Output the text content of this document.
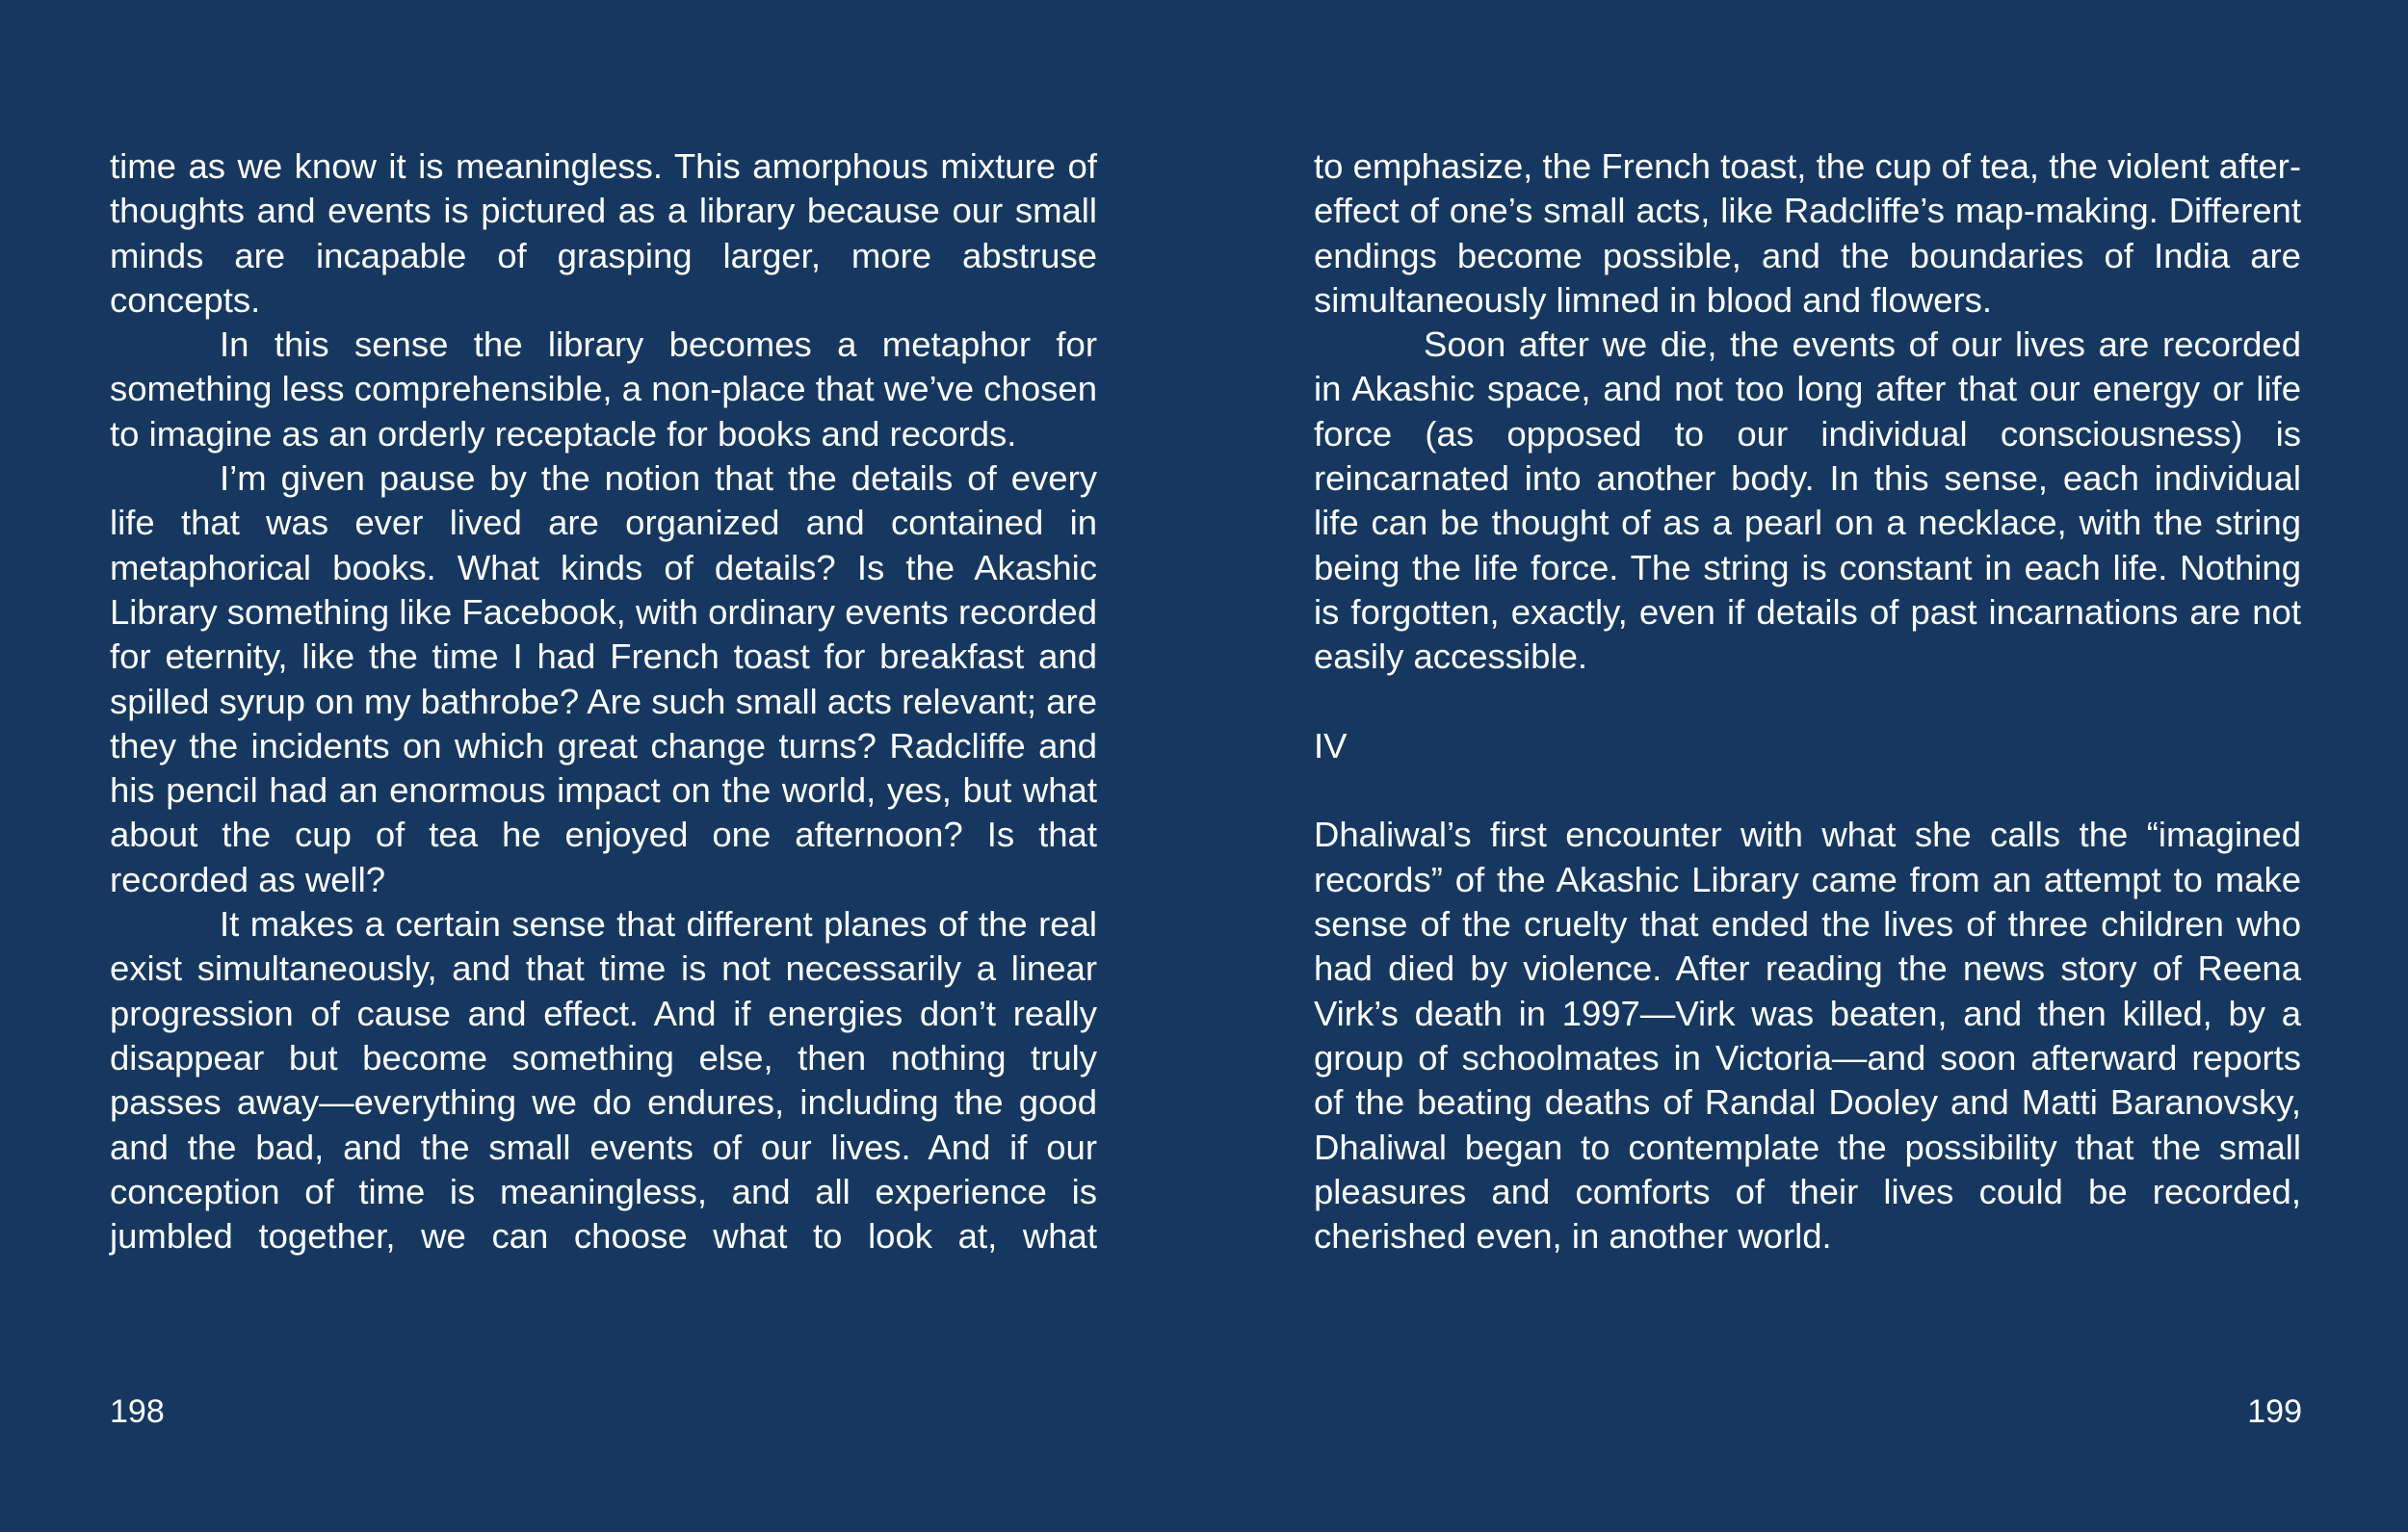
time as we know it is meaningless. This amorphous mixture of thoughts and events is pictured as a library because our small minds are incapable of grasping larger, more abstruse concepts.

In this sense the library becomes a metaphor for something less comprehensible, a non-place that we’ve chosen to imagine as an orderly receptacle for books and records.

I’m given pause by the notion that the details of every life that was ever lived are organized and contained in metaphorical books. What kinds of details? Is the Akashic Library something like Facebook, with ordinary events recorded for eternity, like the time I had French toast for breakfast and spilled syrup on my bathrobe? Are such small acts relevant; are they the incidents on which great change turns? Radcliffe and his pencil had an enormous impact on the world, yes, but what about the cup of tea he enjoyed one afternoon? Is that recorded as well?

It makes a certain sense that different planes of the real exist simultaneously, and that time is not necessarily a linear progression of cause and effect. And if energies don’t really disappear but become something else, then nothing truly passes away—everything we do endures, including the good and the bad, and the small events of our lives. And if our conception of time is meaningless, and all experience is jumbled together, we can choose what to look at, what

to emphasize, the French toast, the cup of tea, the violent after-effect of one’s small acts, like Radcliffe’s map-making. Different endings become possible, and the boundaries of India are simultaneously limned in blood and flowers.

Soon after we die, the events of our lives are recorded in Akashic space, and not too long after that our energy or life force (as opposed to our individual consciousness) is reincarnated into another body. In this sense, each individual life can be thought of as a pearl on a necklace, with the string being the life force. The string is constant in each life. Nothing is forgotten, exactly, even if details of past incarnations are not easily accessible.

IV

Dhaliwal’s first encounter with what she calls the “imagined records” of the Akashic Library came from an attempt to make sense of the cruelty that ended the lives of three children who had died by violence. After reading the news story of Reena Virk’s death in 1997—Virk was beaten, and then killed, by a group of schoolmates in Victoria—and soon afterward reports of the beating deaths of Randal Dooley and Matti Baranovsky, Dhaliwal began to contemplate the possibility that the small pleasures and comforts of their lives could be recorded, cherished even, in another world.

198	199
